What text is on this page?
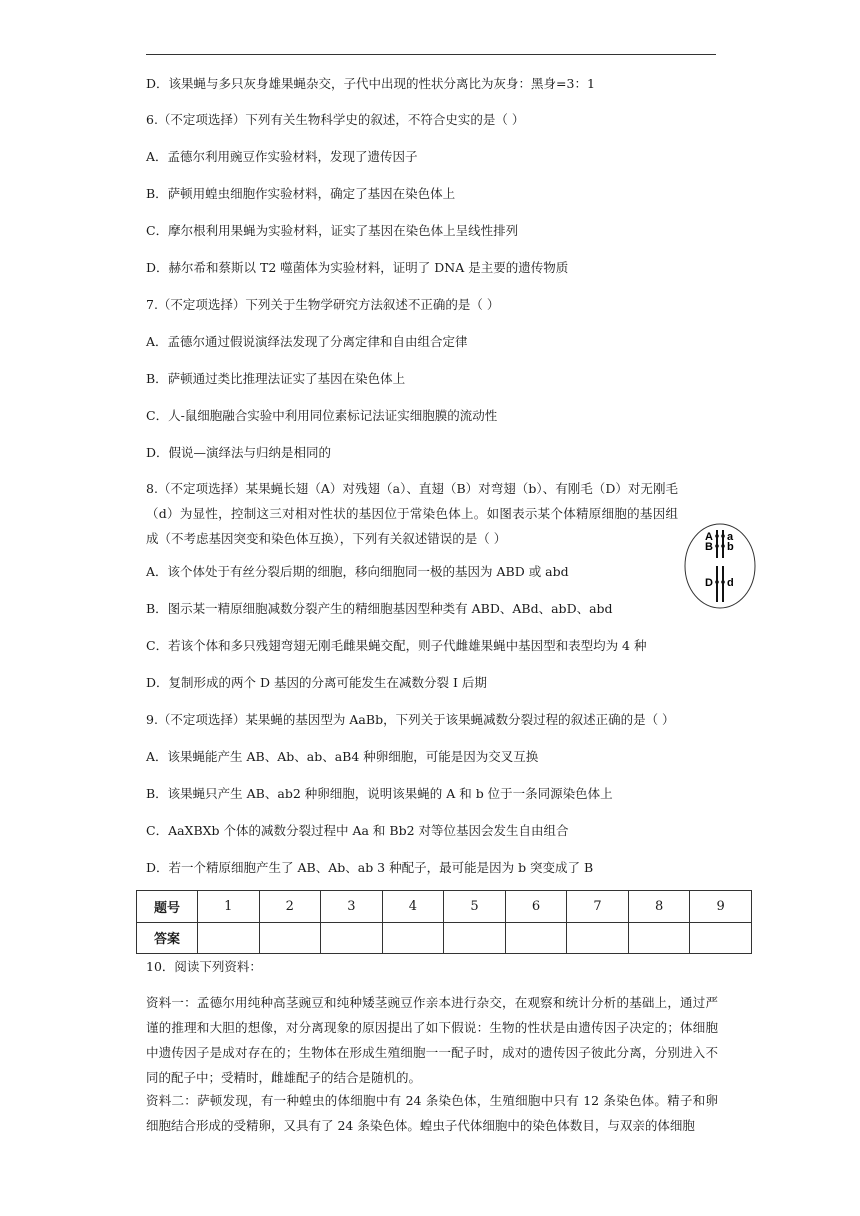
D．该果蝇与多只灰身雄果蝇杂交，子代中出现的性状分离比为灰身：黑身=3：1
6.（不定项选择）下列有关生物科学史的叙述，不符合史实的是（ ）
A．孟德尔利用豌豆作实验材料，发现了遗传因子
B．萨顿用蝗虫细胞作实验材料，确定了基因在染色体上
C．摩尔根利用果蝇为实验材料，证实了基因在染色体上呈线性排列
D．赫尔希和蔡斯以 T2 噬菌体为实验材料，证明了 DNA 是主要的遗传物质
7.（不定项选择）下列关于生物学研究方法叙述不正确的是（ ）
A．孟德尔通过假说演绎法发现了分离定律和自由组合定律
B．萨顿通过类比推理法证实了基因在染色体上
C．人-鼠细胞融合实验中利用同位素标记法证实细胞膜的流动性
D．假说—演绎法与归纳是相同的
8.（不定项选择）某果蝇长翅（A）对残翅（a）、直翅（B）对弯翅（b）、有刚毛（D）对无刚毛（d）为显性，控制这三对相对性状的基因位于常染色体上。如图表示某个体精原细胞的基因组成（不考虑基因突变和染色体互换），下列有关叙述错误的是（ ）	A a
B b
D d
A．该个体处于有丝分裂后期的细胞，移向细胞同一极的基因为 ABD 或 abd
B．图示某一精原细胞减数分裂产生的精细胞基因型种类有 ABD、ABd、abD、abd
C．若该个体和多只残翅弯翅无刚毛雌果蝇交配，则子代雌雄果蝇中基因型和表型均为 4 种
D．复制形成的两个 D 基因的分离可能发生在减数分裂 I 后期
9.（不定项选择）某果蝇的基因型为 AaBb，下列关于该果蝇减数分裂过程的叙述正确的是（ ）
A．该果蝇能产生 AB、Ab、ab、aB4 种卵细胞，可能是因为交叉互换
B．该果蝇只产生 AB、ab2 种卵细胞，说明该果蝇的 A 和 b 位于一条同源染色体上
C．AaXBXb 个体的减数分裂过程中 Aa 和 Bb2 对等位基因会发生自由组合
D．若一个精原细胞产生了 AB、Ab、ab 3 种配子，最可能是因为 b 突变成了 B
题号	1	2	3	4	5	6	7	8	9
答案									
10．阅读下列资料：
资料一：孟德尔用纯种高茎豌豆和纯种矮茎豌豆作亲本进行杂交，在观察和统计分析的基础上，通过严谨的推理和大胆的想像，对分离现象的原因提出了如下假说：生物的性状是由遗传因子决定的；体细胞中遗传因子是成对存在的；生物体在形成生殖细胞一一配子时，成对的遗传因子彼此分离，分别进入不同的配子中；受精时，雌雄配子的结合是随机的。
资料二：萨顿发现，有一种蝗虫的体细胞中有 24 条染色体，生殖细胞中只有 12 条染色体。精子和卵细胞结合形成的受精卵，又具有了 24 条染色体。蝗虫子代体细胞中的染色体数目，与双亲的体细胞
